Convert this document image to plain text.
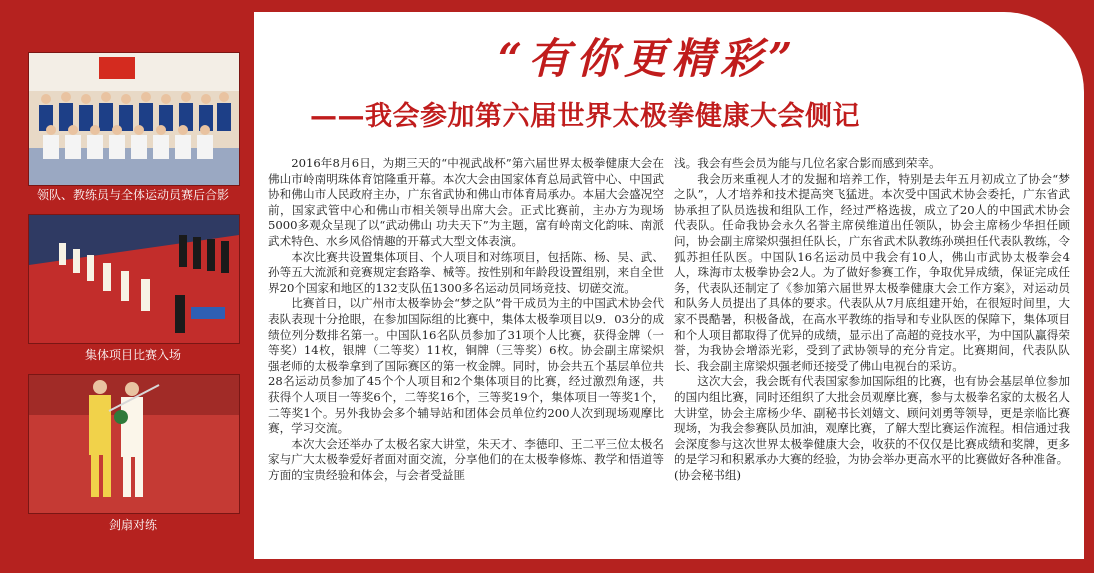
领队、教练员与全体运动员赛后合影
集体项目比赛入场
剑扇对练
“有你更精彩”
——我会参加第六届世界太极拳健康大会侧记

2016年8月6日，为期三天的“中视武战杯”第六届世界太极拳健康大会在佛山市岭南明珠体育馆隆重开幕。本次大会由国家体育总局武管中心、中国武协和佛山市人民政府主办，广东省武协和佛山市体育局承办。本届大会盛况空前，国家武管中心和佛山市相关领导出席大会。正式比赛前，主办方为现场5000多观众呈现了以“武动佛山 功夫天下”为主题，富有岭南文化韵味、南派武术特色、水乡风俗情趣的开幕式大型文体表演。

本次比赛共设置集体项目、个人项目和对练项目，包括陈、杨、吴、武、孙等五大流派和竞赛规定套路拳、械等。按性别和年龄段设置组别，来自全世界20个国家和地区的132支队伍1300多名运动员同场竞技、切磋交流。

比赛首日，以广州市太极拳协会“梦之队”骨干成员为主的中国武术协会代表队表现十分抢眼，在参加国际组的比赛中，集体太极拳项目以9．03分的成绩位列分数排名第一。中国队16名队员参加了31项个人比赛，获得金牌（一等奖）14枚，银牌（二等奖）11枚，铜牌（三等奖）6枚。协会副主席梁炽强老师的太极拳拿到了国际赛区的第一枚金牌。同时，协会共五个基层单位共28名运动员参加了45个个人项目和2个集体项目的比赛，经过激烈角逐，共获得个人项目一等奖6个，二等奖16个，三等奖19个，集体项目一等奖1个，二等奖1个。另外我协会多个辅导站和团体会员单位约200人次到现场观摩比赛，学习交流。

本次大会还举办了太极名家大讲堂，朱天才、李德印、王二平三位太极名家与广大太极拳爱好者面对面交流，分享他们的在太极拳修炼、教学和悟道等方面的宝贵经验和体会，与会者受益匪

浅。我会有些会员为能与几位名家合影而感到荣幸。

我会历来重视人才的发掘和培养工作，特别是去年五月初成立了协会“梦之队”，人才培养和技术提高突飞猛进。本次受中国武术协会委托，广东省武协承担了队员选拔和组队工作，经过严格选拔，成立了20人的中国武术协会代表队。任命我协会永久名誉主席侯维道出任领队，协会主席杨少华担任顾问，协会副主席梁炽强担任队长，广东省武术队教练孙瑛担任代表队教练，令狐苏担任队医。中国队16名运动员中我会有10人，佛山市武协太极拳会4人，珠海市太极拳协会2人。为了做好参赛工作，争取优异成绩，保证完成任务，代表队还制定了《参加第六届世界太极拳健康大会工作方案》，对运动员和队务人员提出了具体的要求。代表队从7月底组建开始，在很短时间里，大家不畏酷暑，积极备战，在高水平教练的指导和专业队医的保障下，集体项目和个人项目都取得了优异的成绩，显示出了高超的竞技水平，为中国队赢得荣誉，为我协会增添光彩，受到了武协领导的充分肯定。比赛期间，代表队队长、我会副主席梁炽强老师还接受了佛山电视台的采访。

这次大会，我会既有代表国家参加国际组的比赛，也有协会基层单位参加的国内组比赛，同时还组织了大批会员观摩比赛，参与太极拳名家的太极名人大讲堂，协会主席杨少华、副秘书长刘嬉文、顾问刘勇等领导，更是亲临比赛现场，为我会参赛队员加油，观摩比赛，了解大型比赛运作流程。相信通过我会深度参与这次世界太极拳健康大会，收获的不仅仅是比赛成绩和奖牌，更多的是学习和积累承办大赛的经验，为协会举办更高水平的比赛做好各种准备。

(协会秘书组)
